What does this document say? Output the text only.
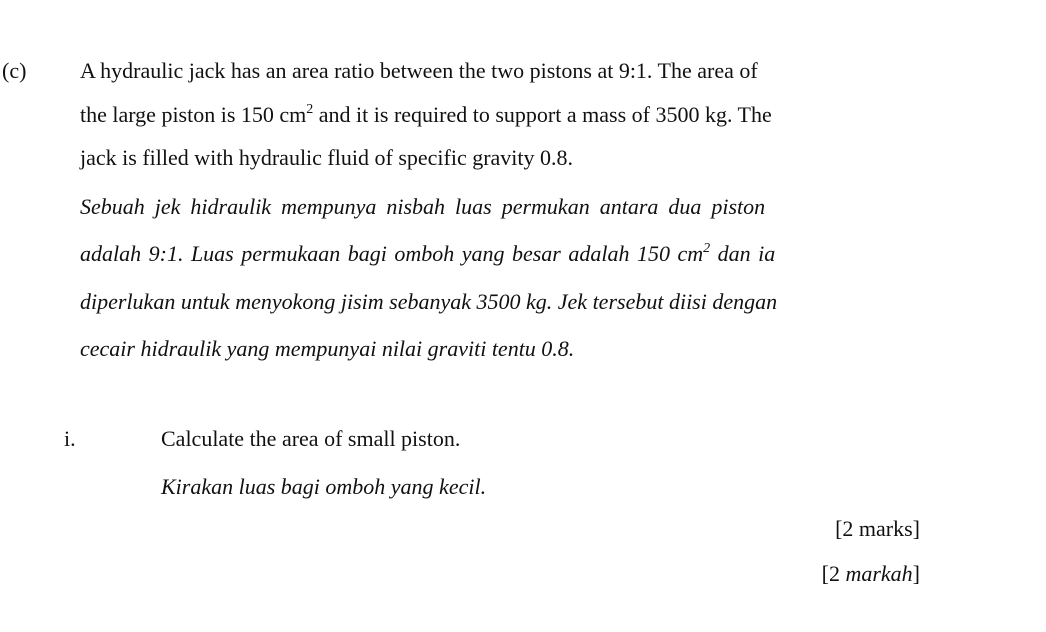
(c) A hydraulic jack has an area ratio between the two pistons at 9:1. The area of
the large piston is 150 $cm^2$ and it is required to support a mass of 3500 kg. The
jack is filled with hydraulic fluid of specific gravity 0.8.
Sebuah jek hidraulik mempunya nisbah luas permukan antara dua piston
adalah 9:1. Luas permukaan bagi omboh yang besar adalah 150 $cm^2$ dan ia
diperlukan untuk menyokong jisim sebanyak 3500 kg. Jek tersebut diisi dengan
cecair hidraulik yang mempunyai nilai graviti tentu 0.8.
i.	Calculate the area of small piston.
Kirakan luas bagi omboh yang kecil.
[2 marks]
[2 markah]
